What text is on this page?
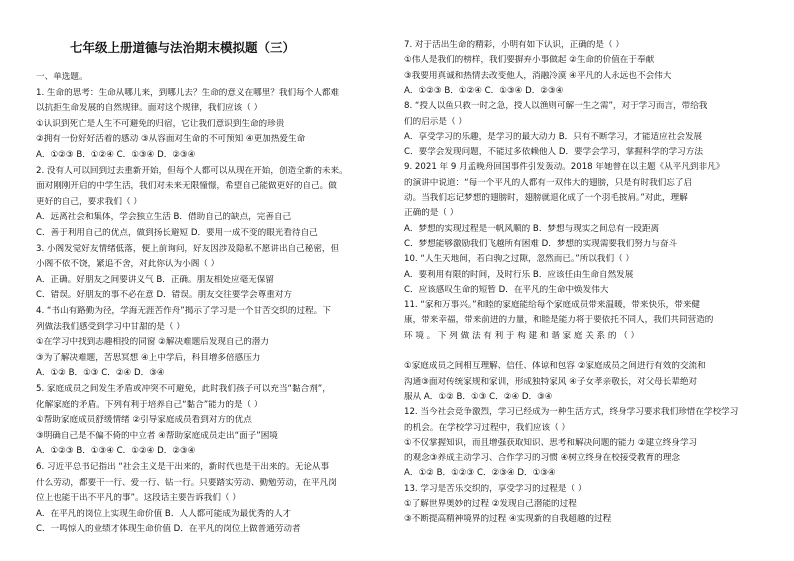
七年级上册道德与法治期末模拟题（三）
一、单选题。
1. 生命的思考：生命从哪儿来，到哪儿去？生命的意义在哪里？我们每个人都难
以抗拒生命发展的自然规律。面对这个规律，我们应该（ ）
①认识到死亡是人生不可避免的归宿，它让我们意识到生命的珍贵
②拥有一份好好活着的感动 ③从容面对生命的不可预知 ④更加热爱生命
A．①②③ B．①②④ C．①③④ D．②③④
2. 没有人可以回到过去重新开始，但每个人都可以从现在开始，创造全新的未来。
面对刚刚开启的中学生活，我们对未来无限憧憬，希望自己能做更好的自己。做
更好的自己，要求我们（ ）
A．远离社会和集体，学会独立生活 B．借助自己的缺点，完善自己
C．善于利用自己的优点，做到扬长避短 D．要用一成不变的眼光看待自己
3. 小阁发觉好友情绪低落，便上前询问，好友因涉及隐私不愿讲出自己秘密，但
小阁不依不饶，紧追不舍，对此你认为小阁（ ）
A．正确。好朋友之间要讲义气 B．正确。朋友相处应毫无保留
C．错误。好朋友的事不必在意 D．错误。朋友交往要学会尊重对方
4. “书山有路勤为径，学海无涯苦作舟”揭示了学习是一个甘苦交织的过程。下
列做法我们感受到学习中甘甜的是（ ）
①在学习中找到志趣相投的同窗 ②解决难题后发现自己的潜力
③为了解决难题，苦思冥想 ④上中学后，科目增多倍感压力
A．①② B．①③ C．②④ D．③④
5. 家庭成员之间发生矛盾或冲突不可避免，此时我们孩子可以充当“黏合剂”，
化解家庭的矛盾。下列有利于培养自己“黏合”能力的是（ ）
①帮助家庭成员舒缓情绪 ②引导家庭成员看到对方的优点
③明确自己是不偏不倚的中立者 ④帮助家庭成员走出“面子”困境
A．①②③ B．①③④ C．①②④ D．②③④
6. 习近平总书记指出 “社会主义是干出来的，新时代也是干出来的。无论从事
什么劳动，都要干一行、爱一行、钻一行。只要踏实劳动、勤勉劳动，在平凡岗
位上也能干出不平凡的事”。这段话主要告诉我们（ ）
A．在平凡的岗位上实现生命价值 B．人人都可能成为最优秀的人才
C．一鸣惊人的业绩才体现生命价值 D．在平凡的岗位上做普通劳动者
7. 对于活出生命的精彩，小明有如下认识，正确的是（ ）
①伟人是我们的榜样，我们要摒弃小事做起 ②生命的价值在于奉献
③我要用真诚和热情去改变他人，消融冷漠 ④平凡的人永远也不会伟大
A．①②③ B．①②④ C．①③④ D．②③④
8. “授人以鱼只救一时之急，授人以渔则可解一生之需”，对于学习而言，带给我
们的启示是（ ）
A．享受学习的乐趣，是学习的最大动力 B．只有不断学习，才能适应社会发展
C．要学会发现问题，不能过多依赖他人 D．要学会学习，掌握科学的学习方法
9. 2021 年 9 月孟晚舟回国事件引发轰动。2018 年她曾在以主题《从平凡到非凡》
的演讲中说道：“每一个平凡的人都有一双伟大的翅膀，只是有时我们忘了启
动。当我们忘记梦想的翅膀时，翅膀就退化成了一个羽毛披肩。”对此，理解
正确的是（ ）
A．梦想的实现过程是一帆风顺的 B．梦想与现实之间总有一段距离
C．梦想能够激励我们飞越所有困难 D．梦想的实现需要我们努力与奋斗
10. “人生天地间，若白驹之过隙，忽然而已。”所以我们（ ）
A．要利用有限的时间，及时行乐 B．应该任由生命自然发展
C．应该感叹生命的短暂 D．在平凡的生命中焕发伟大
11. “家和万事兴。”和睦的家庭能给每个家庭成员带来温暖，带来快乐，带来健
康，带来幸福，带来前进的力量，和睦是能力将于要依托不同人，我们共同营造的
环 境 。 下 列 做 法 有 利 于 构 建 和 谐 家 庭 关 系 的 （ ）
①家庭成员之间相互理解、信任、体谅和包容 ②家庭成员之间进行有效的交流和
沟通③面对传统家规和家训，形成独特家风 ④子女孝亲敬长，对父母长辈绝对
服从 A．①② B．①③ C．②④ D．③④
12. 当今社会竞争激烈，学习已经成为一种生活方式，终身学习要求我们珍惜在学校学习
的机会。在学校学习过程中，我们应该（ ）
①不仅掌握知识，而且增强获取知识、思考和解决问题的能力 ②建立终身学习
的观念③养成主动学习、合作学习的习惯 ④树立终身在校接受教育的理念
A．①② B．①②③ C．②③④ D．①③④
13. 学习是苦乐交织的，享受学习的过程是（ ）
①了解世界奥妙的过程 ②发现自己潜能的过程
③不断提高精神境界的过程 ④实现新的自我超越的过程
